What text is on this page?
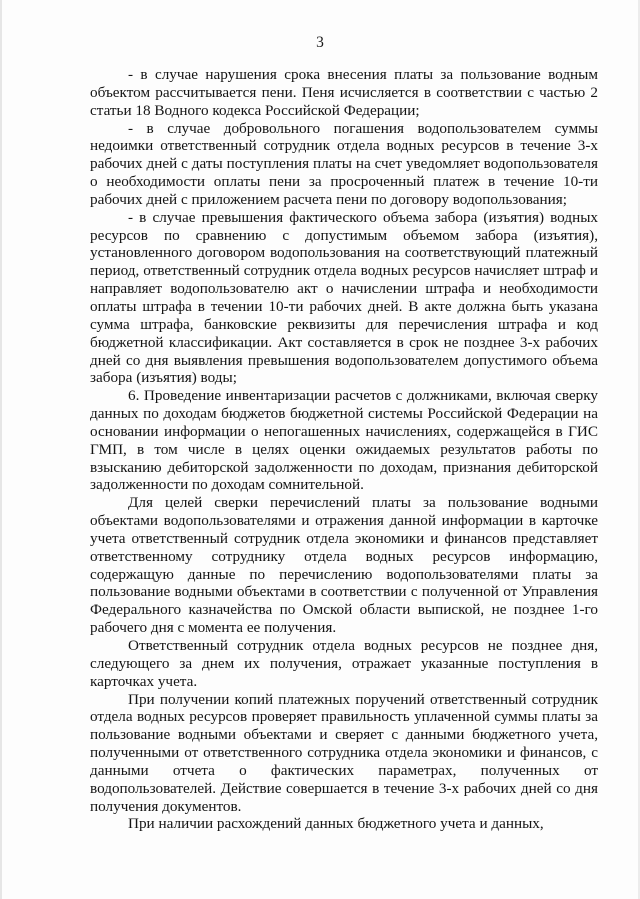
3

- в случае нарушения срока внесения платы за пользование водным объектом рассчитывается пени. Пеня исчисляется в соответствии с частью 2 статьи 18 Водного кодекса Российской Федерации;

- в случае добровольного погашения водопользователем суммы недоимки ответственный сотрудник отдела водных ресурсов в течение 3-х рабочих дней с даты поступления платы на счет уведомляет водопользователя о необходимости оплаты пени за просроченный платеж в течение 10-ти рабочих дней с приложением расчета пени по договору водопользования;

- в случае превышения фактического объема забора (изъятия) водных ресурсов по сравнению с допустимым объемом забора (изъятия), установленного договором водопользования на соответствующий платежный период, ответственный сотрудник отдела водных ресурсов начисляет штраф и направляет водопользователю акт о начислении штрафа и необходимости оплаты штрафа в течении 10-ти рабочих дней. В акте должна быть указана сумма штрафа, банковские реквизиты для перечисления штрафа и код бюджетной классификации. Акт составляется в срок не позднее 3-х рабочих дней со дня выявления превышения водопользователем допустимого объема забора (изъятия) воды;

6. Проведение инвентаризации расчетов с должниками, включая сверку данных по доходам бюджетов бюджетной системы Российской Федерации на основании информации о непогашенных начислениях, содержащейся в ГИС ГМП, в том числе в целях оценки ожидаемых результатов работы по взысканию дебиторской задолженности по доходам, признания дебиторской задолженности по доходам сомнительной.

Для целей сверки перечислений платы за пользование водными объектами водопользователями и отражения данной информации в карточке учета ответственный сотрудник отдела экономики и финансов представляет ответственному сотруднику отдела водных ресурсов информацию, содержащую данные по перечислению водопользователями платы за пользование водными объектами в соответствии с полученной от Управления Федерального казначейства по Омской области выпиской, не позднее 1-го рабочего дня с момента ее получения.

Ответственный сотрудник отдела водных ресурсов не позднее дня, следующего за днем их получения, отражает указанные поступления в карточках учета.

При получении копий платежных поручений ответственный сотрудник отдела водных ресурсов проверяет правильность уплаченной суммы платы за пользование водными объектами и сверяет с данными бюджетного учета, полученными от ответственного сотрудника отдела экономики и финансов, с данными отчета о фактических параметрах, полученных от водопользователей. Действие совершается в течение 3-х рабочих дней со дня получения документов.

При наличии расхождений данных бюджетного учета и данных,
